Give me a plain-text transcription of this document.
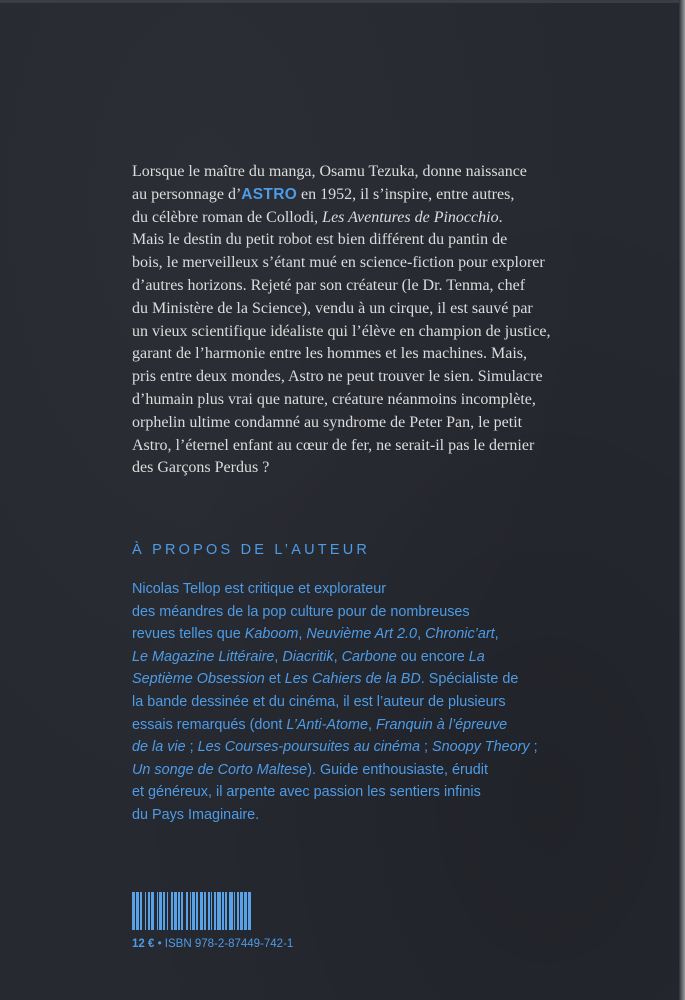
Lorsque le maître du manga, Osamu Tezuka, donne naissance
au personnage d’ASTRO en 1952, il s’inspire, entre autres,
du célèbre roman de Collodi, Les Aventures de Pinocchio.
Mais le destin du petit robot est bien différent du pantin de
bois, le merveilleux s’étant mué en science-fiction pour explorer
d’autres horizons. Rejeté par son créateur (le Dr. Tenma, chef
du Ministère de la Science), vendu à un cirque, il est sauvé par
un vieux scientifique idéaliste qui l’élève en champion de justice,
garant de l’harmonie entre les hommes et les machines. Mais,
pris entre deux mondes, Astro ne peut trouver le sien. Simulacre
d’humain plus vrai que nature, créature néanmoins incomplète,
orphelin ultime condamné au syndrome de Peter Pan, le petit
Astro, l’éternel enfant au cœur de fer, ne serait-il pas le dernier
des Garçons Perdus ?
À PROPOS DE L’AUTEUR
Nicolas Tellop est critique et explorateur
des méandres de la pop culture pour de nombreuses
revues telles que Kaboom, Neuvième Art 2.0, Chronic’art,
Le Magazine Littéraire, Diacritik, Carbone ou encore La
Septième Obsession et Les Cahiers de la BD. Spécialiste de
la bande dessinée et du cinéma, il est l’auteur de plusieurs
essais remarqués (dont L’Anti-Atome, Franquin à l’épreuve
de la vie ; Les Courses-poursuites au cinéma ; Snoopy Theory ;
Un songe de Corto Maltese). Guide enthousiaste, érudit
et généreux, il arpente avec passion les sentiers infinis
du Pays Imaginaire.
12 € • ISBN 978-2-87449-742-1
